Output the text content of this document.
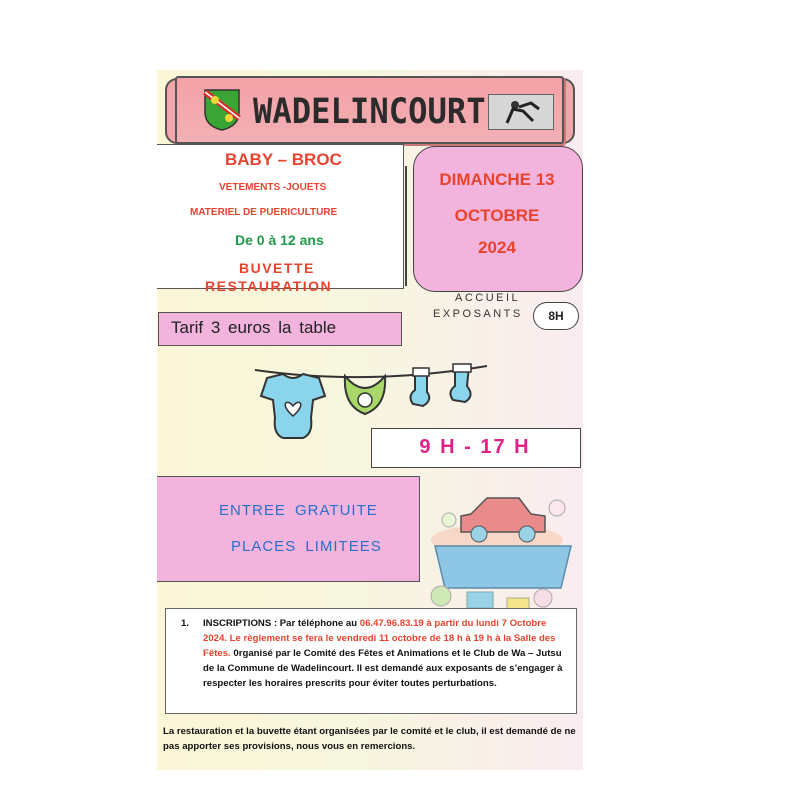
WADELINCOURT
BABY – BROC
VETEMENTS -JOUETS
MATERIEL DE PUERICULTURE
De 0 à 12 ans
BUVETTE
RESTAURATION
DIMANCHE 13
OCTOBRE
2024
ACCUEIL
EXPOSANTS	8H
Tarif 3 euros la table
9 H - 17 H
ENTREE GRATUITE
PLACES LIMITEES
1. INSCRIPTIONS : Par téléphone au 06.47.96.83.19 à partir du lundi 7 Octobre 2024. Le règlement se fera le vendredi 11 octobre de 18 h à 19 h à la Salle des Fêtes. 0rganisé par le Comité des Fêtes et Animations et le Club de Wa – Jutsu de la Commune de Wadelincourt. Il est demandé aux exposants de s’engager à respecter les horaires prescrits pour éviter toutes perturbations.
La restauration et la buvette étant organisées par le comité et le club, il est demandé de ne pas apporter ses provisions, nous vous en remercions.
